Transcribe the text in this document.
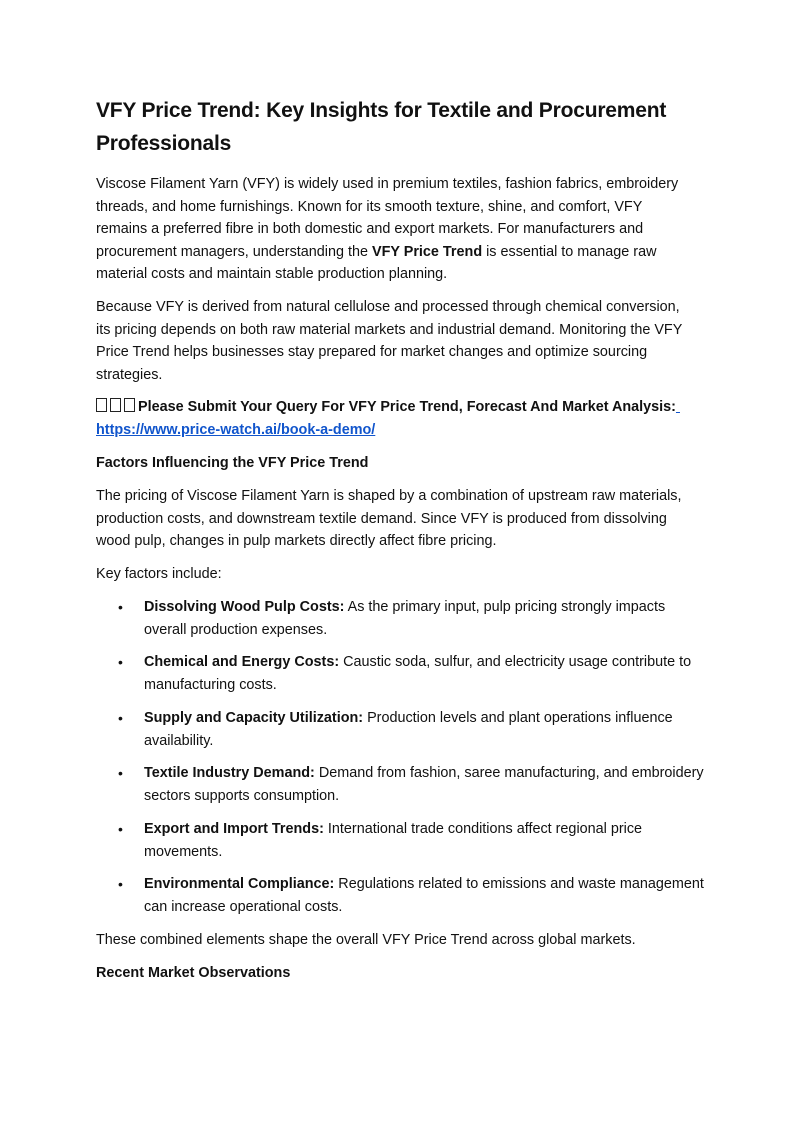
VFY Price Trend: Key Insights for Textile and Procurement Professionals

Viscose Filament Yarn (VFY) is widely used in premium textiles, fashion fabrics, embroidery threads, and home furnishings. Known for its smooth texture, shine, and comfort, VFY remains a preferred fibre in both domestic and export markets. For manufacturers and procurement managers, understanding the VFY Price Trend is essential to manage raw material costs and maintain stable production planning.

Because VFY is derived from natural cellulose and processed through chemical conversion, its pricing depends on both raw material markets and industrial demand. Monitoring the VFY Price Trend helps businesses stay prepared for market changes and optimize sourcing strategies.

Please Submit Your Query For VFY Price Trend, Forecast And Market Analysis:
https://www.price-watch.ai/book-a-demo/

Factors Influencing the VFY Price Trend

The pricing of Viscose Filament Yarn is shaped by a combination of upstream raw materials, production costs, and downstream textile demand. Since VFY is produced from dissolving wood pulp, changes in pulp markets directly affect fibre pricing.

Key factors include:

• Dissolving Wood Pulp Costs: As the primary input, pulp pricing strongly impacts overall production expenses.
• Chemical and Energy Costs: Caustic soda, sulfur, and electricity usage contribute to manufacturing costs.
• Supply and Capacity Utilization: Production levels and plant operations influence availability.
• Textile Industry Demand: Demand from fashion, saree manufacturing, and embroidery sectors supports consumption.
• Export and Import Trends: International trade conditions affect regional price movements.
• Environmental Compliance: Regulations related to emissions and waste management can increase operational costs.

These combined elements shape the overall VFY Price Trend across global markets.

Recent Market Observations
